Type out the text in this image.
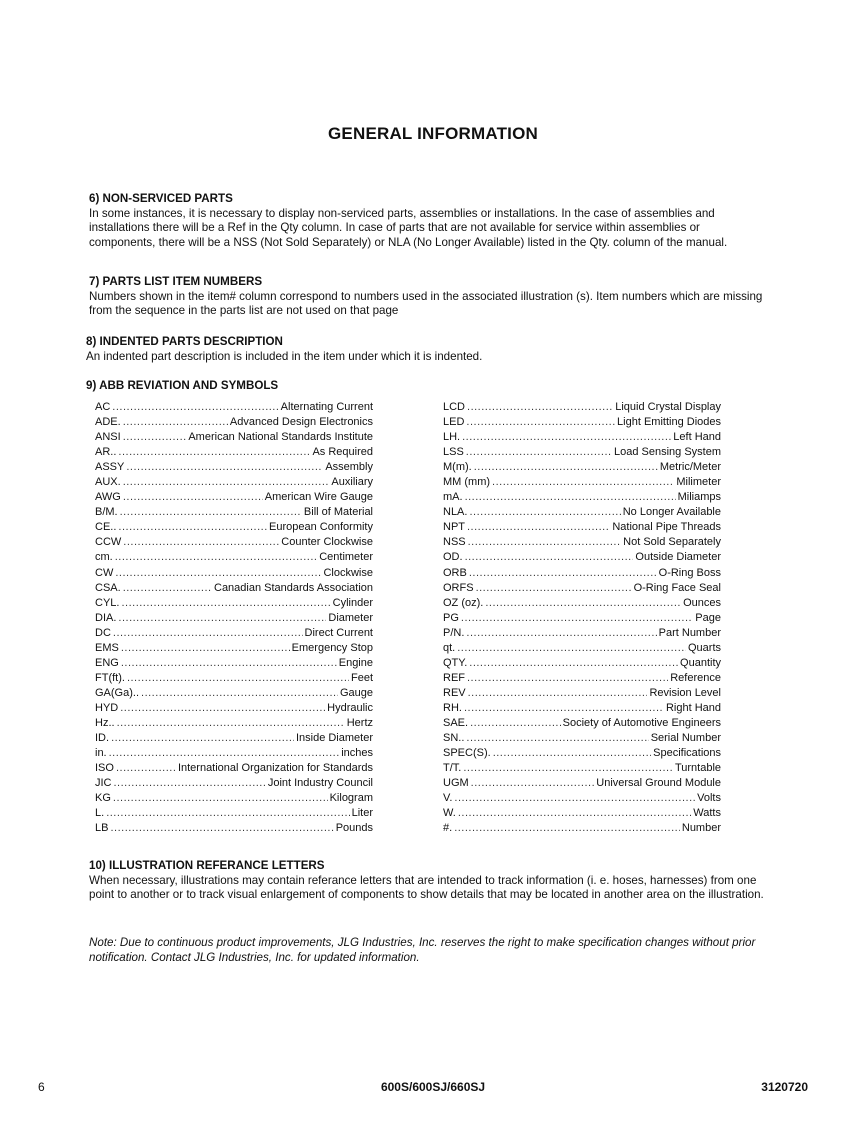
GENERAL INFORMATION
6) NON-SERVICED PARTS
In some instances, it is necessary to display non-serviced parts, assemblies or installations. In the case of assemblies and installations there will be a Ref in the Qty column. In case of parts that are not available for service within assemblies or components, there will be a NSS (Not Sold Separately) or NLA (No Longer Available) listed in the Qty. column of the manual.
7) PARTS LIST ITEM NUMBERS
Numbers shown in the item# column correspond to numbers used in the associated illustration (s). Item numbers which are missing from the sequence in the parts list are not used on that page
8) INDENTED PARTS DESCRIPTION
An indented part description is included in the item under which it is indented.
9) ABB REVIATION AND SYMBOLS
AC .....	Alternating Current
ADE. .....	Advanced Design Electronics
ANSI .....	American National Standards Institute
AR.. .....	As Required
ASSY .....	Assembly
AUX. .....	Auxiliary
AWG .....	American Wire Gauge
B/M. .....	Bill of Material
CE.. .....	European Conformity
CCW .....	Counter Clockwise
cm. .....	Centimeter
CW .....	Clockwise
CSA. .....	Canadian Standards Association
CYL. .....	Cylinder
DIA. .....	Diameter
DC .....	Direct Current
EMS .....	Emergency Stop
ENG .....	Engine
FT(ft). .....	Feet
GA(Ga).. .....	Gauge
HYD .....	Hydraulic
Hz.. .....	Hertz
ID. .....	Inside Diameter
in. .....	inches
ISO .....	International Organization for Standards
JIC .....	Joint Industry Council
KG .....	Kilogram
L. .....	Liter
LB .....	Pounds
LCD .....	Liquid Crystal Display
LED .....	Light Emitting Diodes
LH. .....	Left Hand
LSS .....	Load Sensing System
M(m). .....	Metric/Meter
MM (mm) .....	Milimeter
mA. .....	Miliamps
NLA. .....	No Longer Available
NPT .....	National Pipe Threads
NSS .....	Not Sold Separately
OD. .....	Outside Diameter
ORB .....	O-Ring Boss
ORFS .....	O-Ring Face Seal
OZ (oz). .....	Ounces
PG .....	Page
P/N. .....	Part Number
qt. .....	Quarts
QTY. .....	Quantity
REF .....	Reference
REV .....	Revision Level
RH. .....	Right Hand
SAE. .....	Society of Automotive Engineers
SN.. .....	Serial Number
SPEC(S). .....	Specifications
T/T. .....	Turntable
UGM .....	Universal Ground Module
V. .....	Volts
W. .....	Watts
#. .....	Number
10) ILLUSTRATION REFERANCE LETTERS
When necessary, illustrations may contain referance letters that are intended to track information (i. e. hoses, harnesses) from one point to another or to track visual enlargement of components to show details that may be located in another area on the illustration.
Note: Due to continuous product improvements, JLG Industries, Inc. reserves the right to make specification changes without prior notification. Contact JLG Industries, Inc. for updated information.
6	600S/600SJ/660SJ	3120720
